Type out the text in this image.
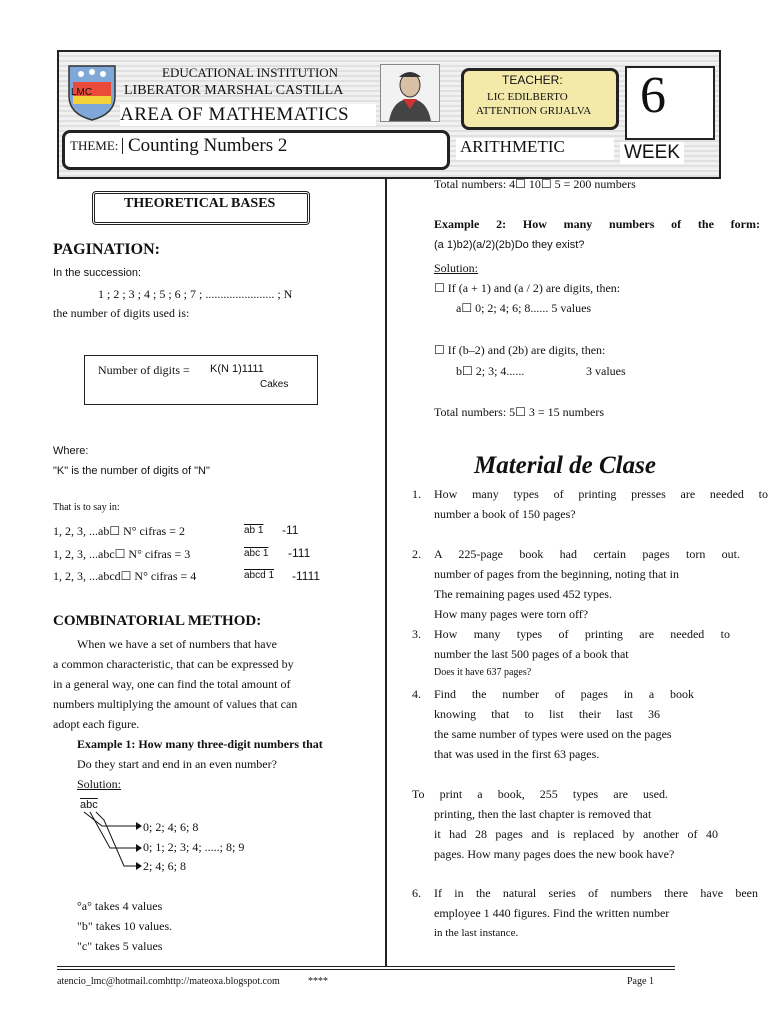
LMC
EDUCATIONAL INSTITUTION
LIBERATOR MARSHAL CASTILLA
AREA OF MATHEMATICS
TEACHER:
LIC EDILBERTO
ATTENTION GRIJALVA 6
WEEK
THEME: Counting Numbers 2	ARITHMETIC
THEORETICAL BASES
PAGINATION:
In the succession:
1 ; 2 ; 3 ; 4 ; 5 ; 6 ; 7 ; ....................... ; N
the number of digits used is:
Number of digits = K(N 1)1111
Cakes
Where:
"K" is the number of digits of "N"
That is to say in:
1, 2, 3, ...ab☐ N° cifras = 2	ab 1 -11
1, 2, 3, ...abc☐ N° cifras = 3	abc 1 -111
1, 2, 3, ...abcd☐ N° cifras = 4	abcd 1 -1111
COMBINATORIAL METHOD:
When we have a set of numbers that have
a common characteristic, that can be expressed by
in a general way, one can find the total amount of
numbers multiplying the amount of values that can
adopt each figure.
Example 1: How many three-digit numbers that
Do they start and end in an even number?
Solution:
$\overline{abc}$
0; 2; 4; 6; 8
0; 1; 2; 3; 4; .....; 8; 9
2; 4; 6; 8
°a° takes 4 values
"b" takes 10 values.
"c" takes 5 values
Total numbers: 4☐ 10☐ 5 = 200 numbers
Example 2: How many numbers of the form:
(a 1)b2)(a/2)(2b)Do they exist?
Solution:
☐ If (a + 1) and (a / 2) are digits, then:
a☐ 0; 2; 4; 6; 8...... 5 values
☐ If (b–2) and (2b) are digits, then:
b☐ 2; 3; 4......	3 values
Total numbers: 5☐ 3 = 15 numbers
Material de Clase
1. How many types of printing presses are needed to
number a book of 150 pages?
2. A 225-page book had certain pages torn out.
number of pages from the beginning, noting that in
The remaining pages used 452 types.
How many pages were torn off?
3. How many types of printing are needed to
number the last 500 pages of a book that
Does it have 637 pages?
4. Find the number of pages in a book
knowing that to list their last 36
the same number of types were used on the pages
that was used in the first 63 pages.
To print a book, 255 types are used.
printing, then the last chapter is removed that
it had 28 pages and is replaced by another of 40
pages. How many pages does the new book have?
6. If in the natural series of numbers there have been
employee 1 440 figures. Find the written number
in the last instance.
atencio_lmc@hotmail.comhttp://mateoxa.blogspot.com	****	Page 1
